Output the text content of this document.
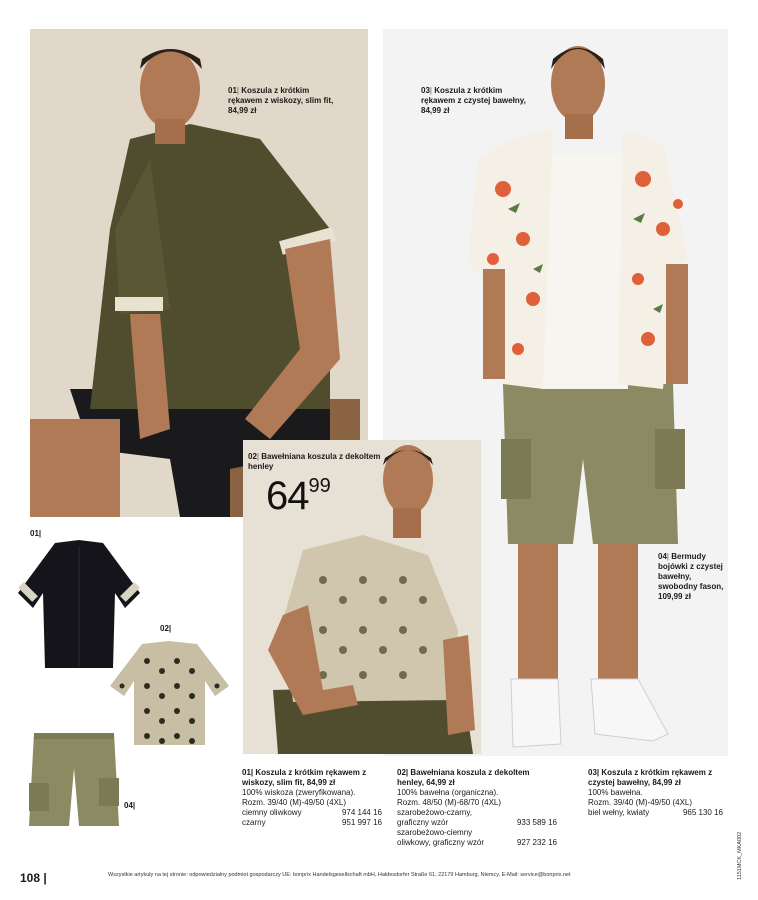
01| Koszula z krótkim rękawem z wiskozy, slim fit, 84,99 zł
03| Koszula z krótkim rękawem z czystej bawełny, 84,99 zł
02| Bawełniana koszula z dekoltem henley
6499
04| Bermudy bojówki z czystej bawełny, swobodny fason, 109,99 zł
01|
02|
04|
01| Koszula z krótkim rękawem z wiskozy, slim fit, 84,99 zł
100% wiskoza (zweryfikowana).
Rozm. 39/40 (M)-49/50 (4XL)
ciemny oliwkowy	974 144 16
czarny	951 997 16
02| Bawełniana koszula z dekoltem henley, 64,99 zł
100% bawełna (organiczna).
Rozm. 48/50 (M)-68/70 (4XL)
szarobeżowo-czarny, graficzny wzór	933 589 16
szarobeżowo-ciemny oliwkowy, graficzny wzór	927 232 16
03| Koszula z krótkim rękawem z czystej bawełny, 84,99 zł
100% bawełna.
Rozm. 39/40 (M)-49/50 (4XL)
biel wełny, kwiaty	965 130 16
108 |	Wszystkie artykuły na tej stronie: odpowiedzialny podmiot gospodarczy UE: bonprix Handelsgesellschaft mbH, Haldesdorfer Straße 61, 22179 Hamburg, Niemcy, E-Mail: service@bonprix.net	1151MCK_MKA002
